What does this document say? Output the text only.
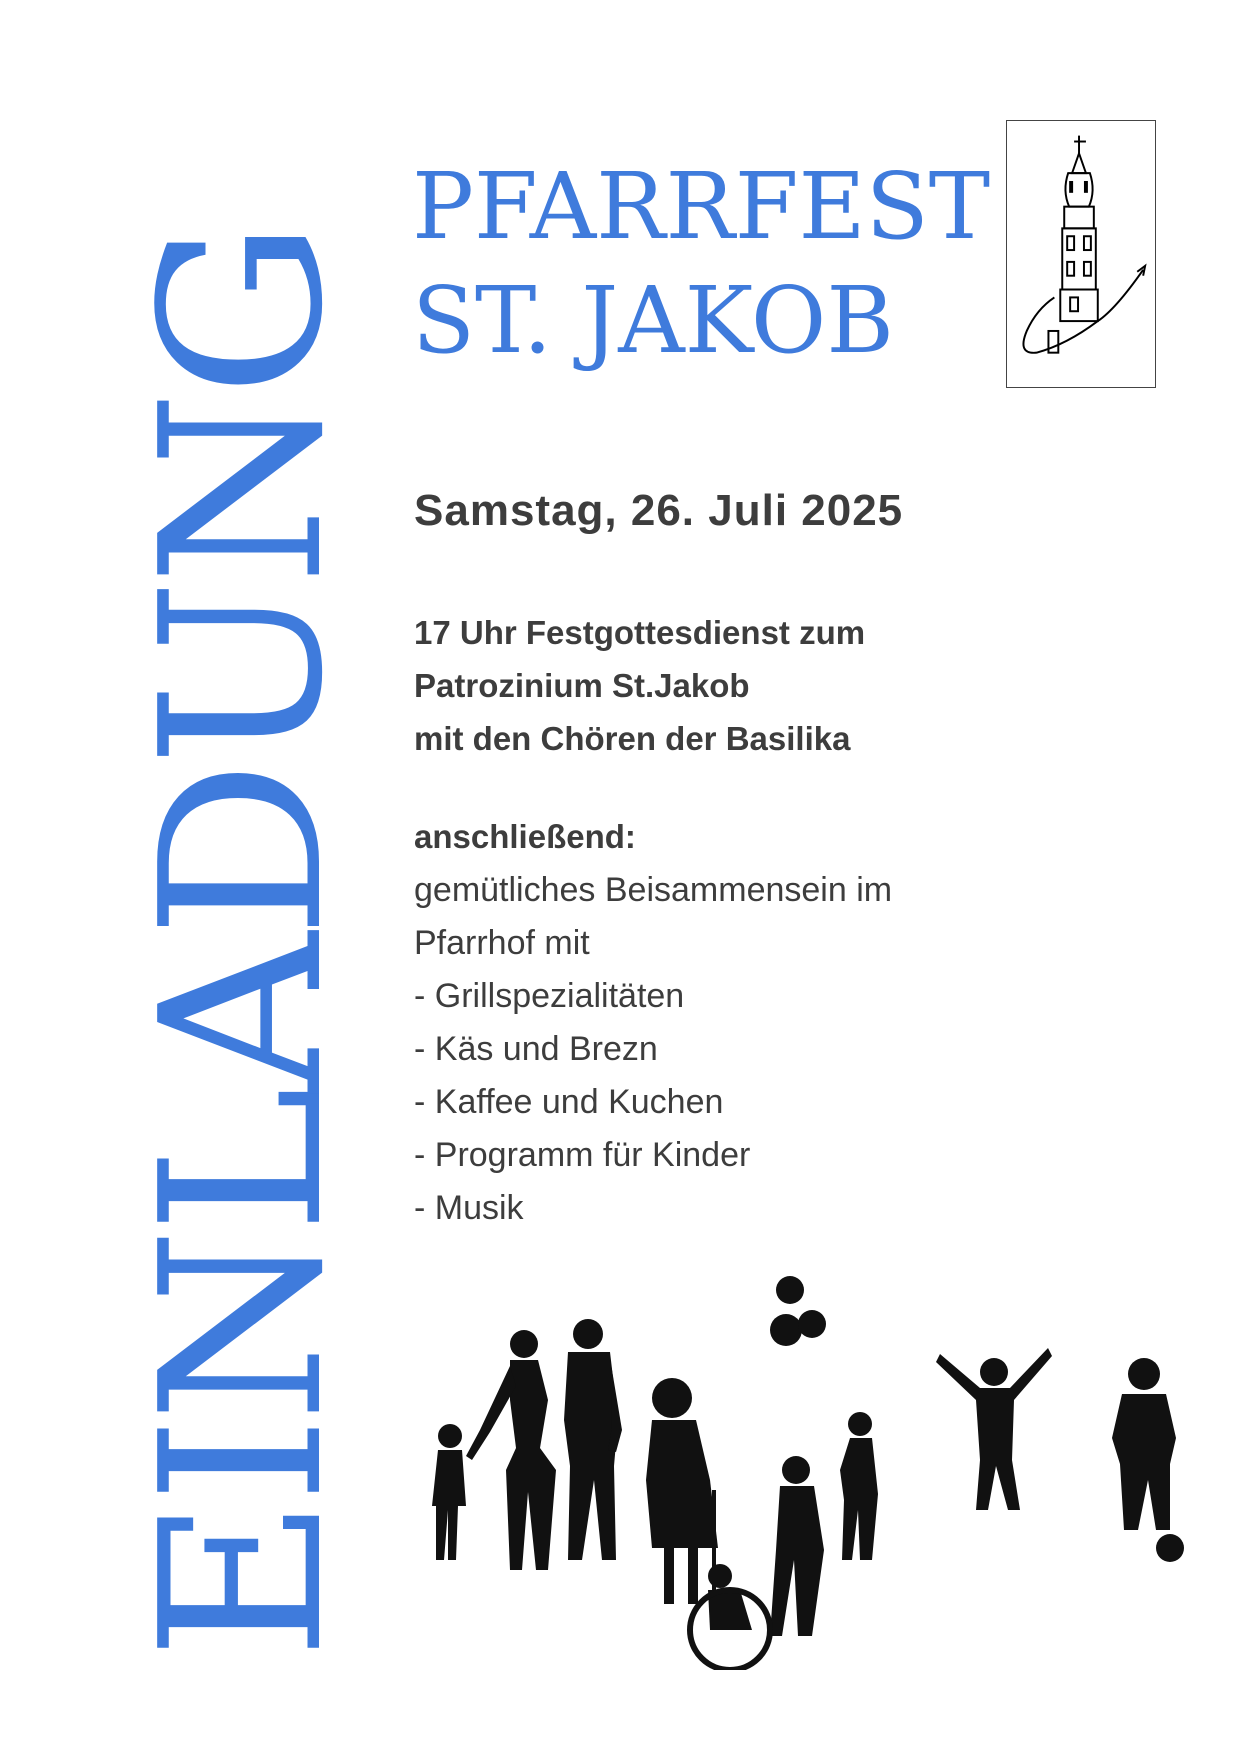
EINLADUNG
PFARRFEST
ST. JAKOB
Samstag, 26. Juli 2025
17 Uhr Festgottesdienst zum
Patrozinium St.Jakob
mit den Chören der Basilika
anschließend:
gemütliches Beisammensein im
Pfarrhof mit
- Grillspezialitäten
- Käs und Brezn
- Kaffee und Kuchen
- Programm für Kinder
- Musik
